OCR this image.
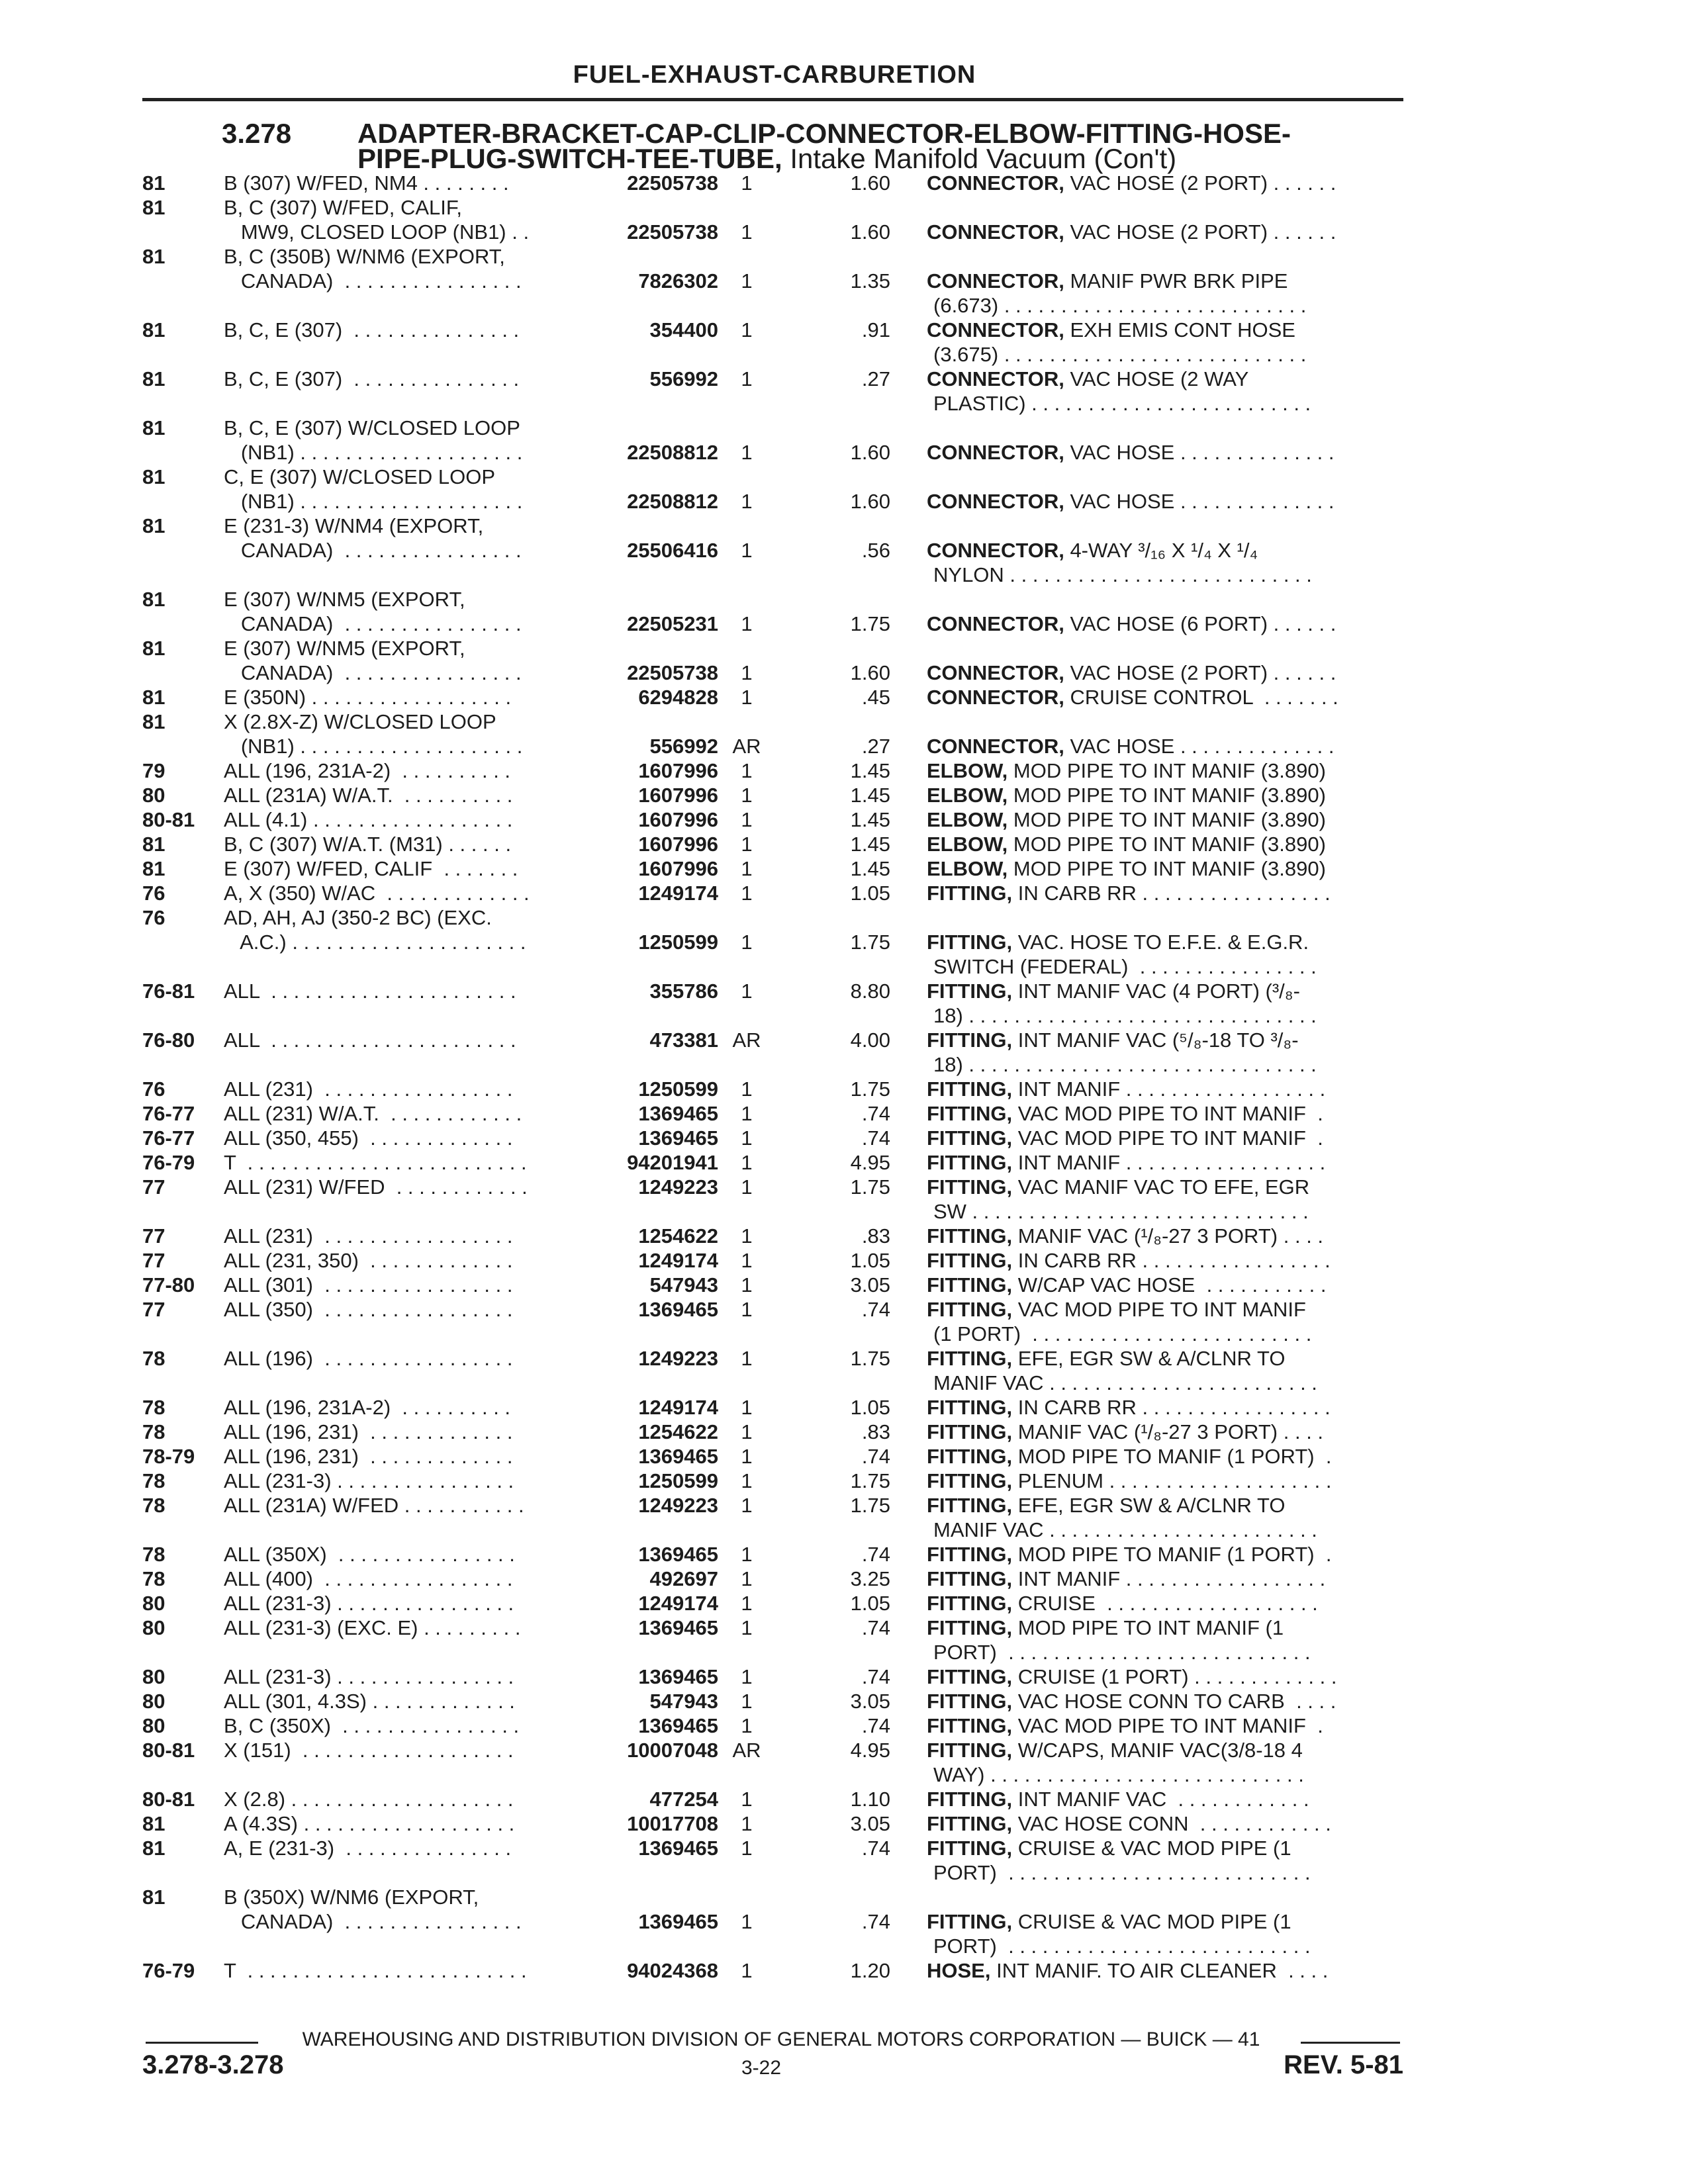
FUEL-EXHAUST-CARBURETION
3.278 ADAPTER-BRACKET-CAP-CLIP-CONNECTOR-ELBOW-FITTING-HOSE-
PIPE-PLUG-SWITCH-TEE-TUBE, Intake Manifold Vacuum (Con't)
81	B (307) W/FED, NM4 . . . . . . . .	22505738	1	1.60 CONNECTOR, VAC HOSE (2 PORT) . . . . . .
81	B, C (307) W/FED, CALIF,
MW9, CLOSED LOOP (NB1) . .	22505738	1	1.60 CONNECTOR, VAC HOSE (2 PORT) . . . . . .
81	B, C (350B) W/NM6 (EXPORT,
CANADA)  . . . . . . . . . . . . . . . .	7826302	1	1.35 CONNECTOR, MANIF PWR BRK PIPE
(6.673) . . . . . . . . . . . . . . . . . . . . . . . . . . .
81	B, C, E (307)  . . . . . . . . . . . . . . .	354400	1	.91 CONNECTOR, EXH EMIS CONT HOSE
(3.675) . . . . . . . . . . . . . . . . . . . . . . . . . . .
81	B, C, E (307)  . . . . . . . . . . . . . . .	556992	1	.27 CONNECTOR, VAC HOSE (2 WAY
PLASTIC) . . . . . . . . . . . . . . . . . . . . . . . . .
81	B, C, E (307) W/CLOSED LOOP
(NB1) . . . . . . . . . . . . . . . . . . . .	22508812	1	1.60 CONNECTOR, VAC HOSE . . . . . . . . . . . . . .
81	C, E (307) W/CLOSED LOOP
(NB1) . . . . . . . . . . . . . . . . . . . .	22508812	1	1.60 CONNECTOR, VAC HOSE . . . . . . . . . . . . . .
81	E (231-3) W/NM4 (EXPORT,
CANADA)  . . . . . . . . . . . . . . . .	25506416	1	.56 CONNECTOR, 4-WAY ³/₁₆ X ¹/₄ X ¹/₄
NYLON . . . . . . . . . . . . . . . . . . . . . . . . . . .
81	E (307) W/NM5 (EXPORT,
CANADA)  . . . . . . . . . . . . . . . .	22505231	1	1.75 CONNECTOR, VAC HOSE (6 PORT) . . . . . .
81	E (307) W/NM5 (EXPORT,
CANADA)  . . . . . . . . . . . . . . . .	22505738	1	1.60 CONNECTOR, VAC HOSE (2 PORT) . . . . . .
81	E (350N) . . . . . . . . . . . . . . . . . .	6294828	1	.45 CONNECTOR, CRUISE CONTROL  . . . . . . .
81	X (2.8X-Z) W/CLOSED LOOP
(NB1) . . . . . . . . . . . . . . . . . . . .	556992 AR	.27 CONNECTOR, VAC HOSE . . . . . . . . . . . . . .
79	ALL (196, 231A-2)  . . . . . . . . . .	1607996	1	1.45 ELBOW, MOD PIPE TO INT MANIF (3.890)
80	ALL (231A) W/A.T.  . . . . . . . . . .	1607996	1	1.45 ELBOW, MOD PIPE TO INT MANIF (3.890)
80-81 ALL (4.1) . . . . . . . . . . . . . . . . . .	1607996	1	1.45 ELBOW, MOD PIPE TO INT MANIF (3.890)
81	B, C (307) W/A.T. (M31) . . . . . .	1607996	1	1.45 ELBOW, MOD PIPE TO INT MANIF (3.890)
81	E (307) W/FED, CALIF  . . . . . . .	1607996	1	1.45 ELBOW, MOD PIPE TO INT MANIF (3.890)
76	A, X (350) W/AC  . . . . . . . . . . . . .	1249174	1	1.05 FITTING, IN CARB RR . . . . . . . . . . . . . . . . .
76	AD, AH, AJ (350-2 BC) (EXC.
A.C.) . . . . . . . . . . . . . . . . . . . . .	1250599	1	1.75 FITTING, VAC. HOSE TO E.F.E. & E.G.R.
SWITCH (FEDERAL)  . . . . . . . . . . . . . . . .
76-81 ALL  . . . . . . . . . . . . . . . . . . . . . .	355786	1	8.80 FITTING, INT MANIF VAC (4 PORT) (³/₈-
18) . . . . . . . . . . . . . . . . . . . . . . . . . . . . . . .
76-80 ALL  . . . . . . . . . . . . . . . . . . . . . .	473381 AR	4.00 FITTING, INT MANIF VAC (⁵/₈-18 TO ³/₈-
18) . . . . . . . . . . . . . . . . . . . . . . . . . . . . . . .
76	ALL (231)  . . . . . . . . . . . . . . . . .	1250599	1	1.75 FITTING, INT MANIF . . . . . . . . . . . . . . . . . .
76-77 ALL (231) W/A.T.  . . . . . . . . . . . .	1369465	1	.74 FITTING, VAC MOD PIPE TO INT MANIF  .
76-77 ALL (350, 455)  . . . . . . . . . . . . .	1369465	1	.74 FITTING, VAC MOD PIPE TO INT MANIF  .
76-79 T  . . . . . . . . . . . . . . . . . . . . . . . . .	94201941	1	4.95 FITTING, INT MANIF . . . . . . . . . . . . . . . . . .
77	ALL (231) W/FED  . . . . . . . . . . . .	1249223	1	1.75 FITTING, VAC MANIF VAC TO EFE, EGR
SW . . . . . . . . . . . . . . . . . . . . . . . . . . . . . .
77	ALL (231)  . . . . . . . . . . . . . . . . .	1254622	1	.83 FITTING, MANIF VAC (¹/₈-27 3 PORT) . . . .
77	ALL (231, 350)  . . . . . . . . . . . . .	1249174	1	1.05 FITTING, IN CARB RR . . . . . . . . . . . . . . . . .
77-80 ALL (301)  . . . . . . . . . . . . . . . . .	547943	1	3.05 FITTING, W/CAP VAC HOSE  . . . . . . . . . . .
77	ALL (350)  . . . . . . . . . . . . . . . . .	1369465	1	.74 FITTING, VAC MOD PIPE TO INT MANIF
(1 PORT)  . . . . . . . . . . . . . . . . . . . . . . . . .
78	ALL (196)  . . . . . . . . . . . . . . . . .	1249223	1	1.75 FITTING, EFE, EGR SW & A/CLNR TO
MANIF VAC . . . . . . . . . . . . . . . . . . . . . . . .
78	ALL (196, 231A-2)  . . . . . . . . . .	1249174	1	1.05 FITTING, IN CARB RR . . . . . . . . . . . . . . . . .
78	ALL (196, 231)  . . . . . . . . . . . . .	1254622	1	.83 FITTING, MANIF VAC (¹/₈-27 3 PORT) . . . .
78-79 ALL (196, 231)  . . . . . . . . . . . . .	1369465	1	.74 FITTING, MOD PIPE TO MANIF (1 PORT)  .
78	ALL (231-3) . . . . . . . . . . . . . . . .	1250599	1	1.75 FITTING, PLENUM . . . . . . . . . . . . . . . . . . . .
78	ALL (231A) W/FED . . . . . . . . . . .	1249223	1	1.75 FITTING, EFE, EGR SW & A/CLNR TO
MANIF VAC . . . . . . . . . . . . . . . . . . . . . . . .
78	ALL (350X)  . . . . . . . . . . . . . . . .	1369465	1	.74 FITTING, MOD PIPE TO MANIF (1 PORT)  .
78	ALL (400)  . . . . . . . . . . . . . . . . .	492697	1	3.25 FITTING, INT MANIF . . . . . . . . . . . . . . . . . .
80	ALL (231-3) . . . . . . . . . . . . . . . .	1249174	1	1.05 FITTING, CRUISE  . . . . . . . . . . . . . . . . . . .
80	ALL (231-3) (EXC. E) . . . . . . . . .	1369465	1	.74 FITTING, MOD PIPE TO INT MANIF (1
PORT)  . . . . . . . . . . . . . . . . . . . . . . . . . . .
80	ALL (231-3) . . . . . . . . . . . . . . . .	1369465	1	.74 FITTING, CRUISE (1 PORT) . . . . . . . . . . . . .
80	ALL (301, 4.3S) . . . . . . . . . . . . .	547943	1	3.05 FITTING, VAC HOSE CONN TO CARB  . . . .
80	B, C (350X)  . . . . . . . . . . . . . . . .	1369465	1	.74 FITTING, VAC MOD PIPE TO INT MANIF  .
80-81 X (151)  . . . . . . . . . . . . . . . . . . .	10007048 AR	4.95 FITTING, W/CAPS, MANIF VAC(3/8-18 4
WAY) . . . . . . . . . . . . . . . . . . . . . . . . . . . .
80-81 X (2.8) . . . . . . . . . . . . . . . . . . . .	477254	1	1.10 FITTING, INT MANIF VAC  . . . . . . . . . . . .
81	A (4.3S) . . . . . . . . . . . . . . . . . . .	10017708	1	3.05 FITTING, VAC HOSE CONN  . . . . . . . . . . . .
81	A, E (231-3)  . . . . . . . . . . . . . . .	1369465	1	.74 FITTING, CRUISE & VAC MOD PIPE (1
PORT)  . . . . . . . . . . . . . . . . . . . . . . . . . . .
81	B (350X) W/NM6 (EXPORT,
CANADA)  . . . . . . . . . . . . . . . .	1369465	1	.74 FITTING, CRUISE & VAC MOD PIPE (1
PORT)  . . . . . . . . . . . . . . . . . . . . . . . . . . .
76-79 T  . . . . . . . . . . . . . . . . . . . . . . . . .	94024368	1	1.20 HOSE, INT MANIF. TO AIR CLEANER  . . . .
WAREHOUSING AND DISTRIBUTION DIVISION OF GENERAL MOTORS CORPORATION — BUICK — 41
3.278-3.278	3-22	REV. 5-81
